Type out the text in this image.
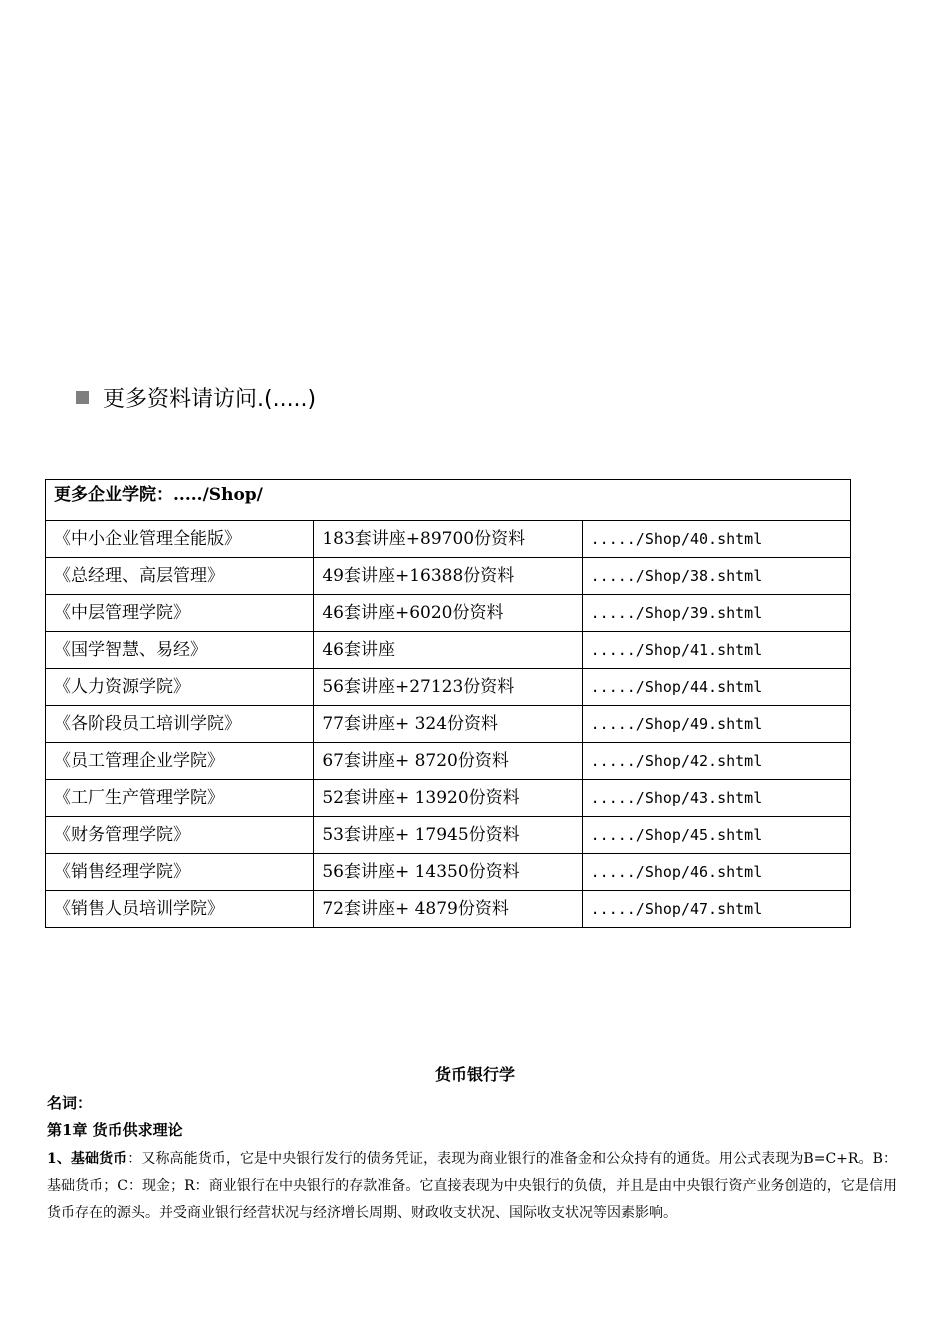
更多资料请访问.(.....)
更多企业学院：...../Shop/		
《中小企业管理全能版》	183套讲座+89700份资料	...../Shop/40.shtml
《总经理、高层管理》	49套讲座+16388份资料	...../Shop/38.shtml
《中层管理学院》	46套讲座+6020份资料	...../Shop/39.shtml
《国学智慧、易经》	46套讲座	...../Shop/41.shtml
《人力资源学院》	56套讲座+27123份资料	...../Shop/44.shtml
《各阶段员工培训学院》	77套讲座+ 324份资料	...../Shop/49.shtml
《员工管理企业学院》	67套讲座+ 8720份资料	...../Shop/42.shtml
《工厂生产管理学院》	52套讲座+ 13920份资料	...../Shop/43.shtml
《财务管理学院》	53套讲座+ 17945份资料	...../Shop/45.shtml
《销售经理学院》	56套讲座+ 14350份资料	...../Shop/46.shtml
《销售人员培训学院》	72套讲座+ 4879份资料	...../Shop/47.shtml
货币银行学
名词：
第1章 货币供求理论
1、基础货币：又称高能货币，它是中央银行发行的债务凭证，表现为商业银行的准备金和公众持有的通货。用公式表现为B=C+R。B：基础货币；C：现金；R：商业银行在中央银行的存款准备。它直接表现为中央银行的负债，并且是由中央银行资产业务创造的，它是信用货币存在的源头。并受商业银行经营状况与经济增长周期、财政收支状况、国际收支状况等因素影响。
